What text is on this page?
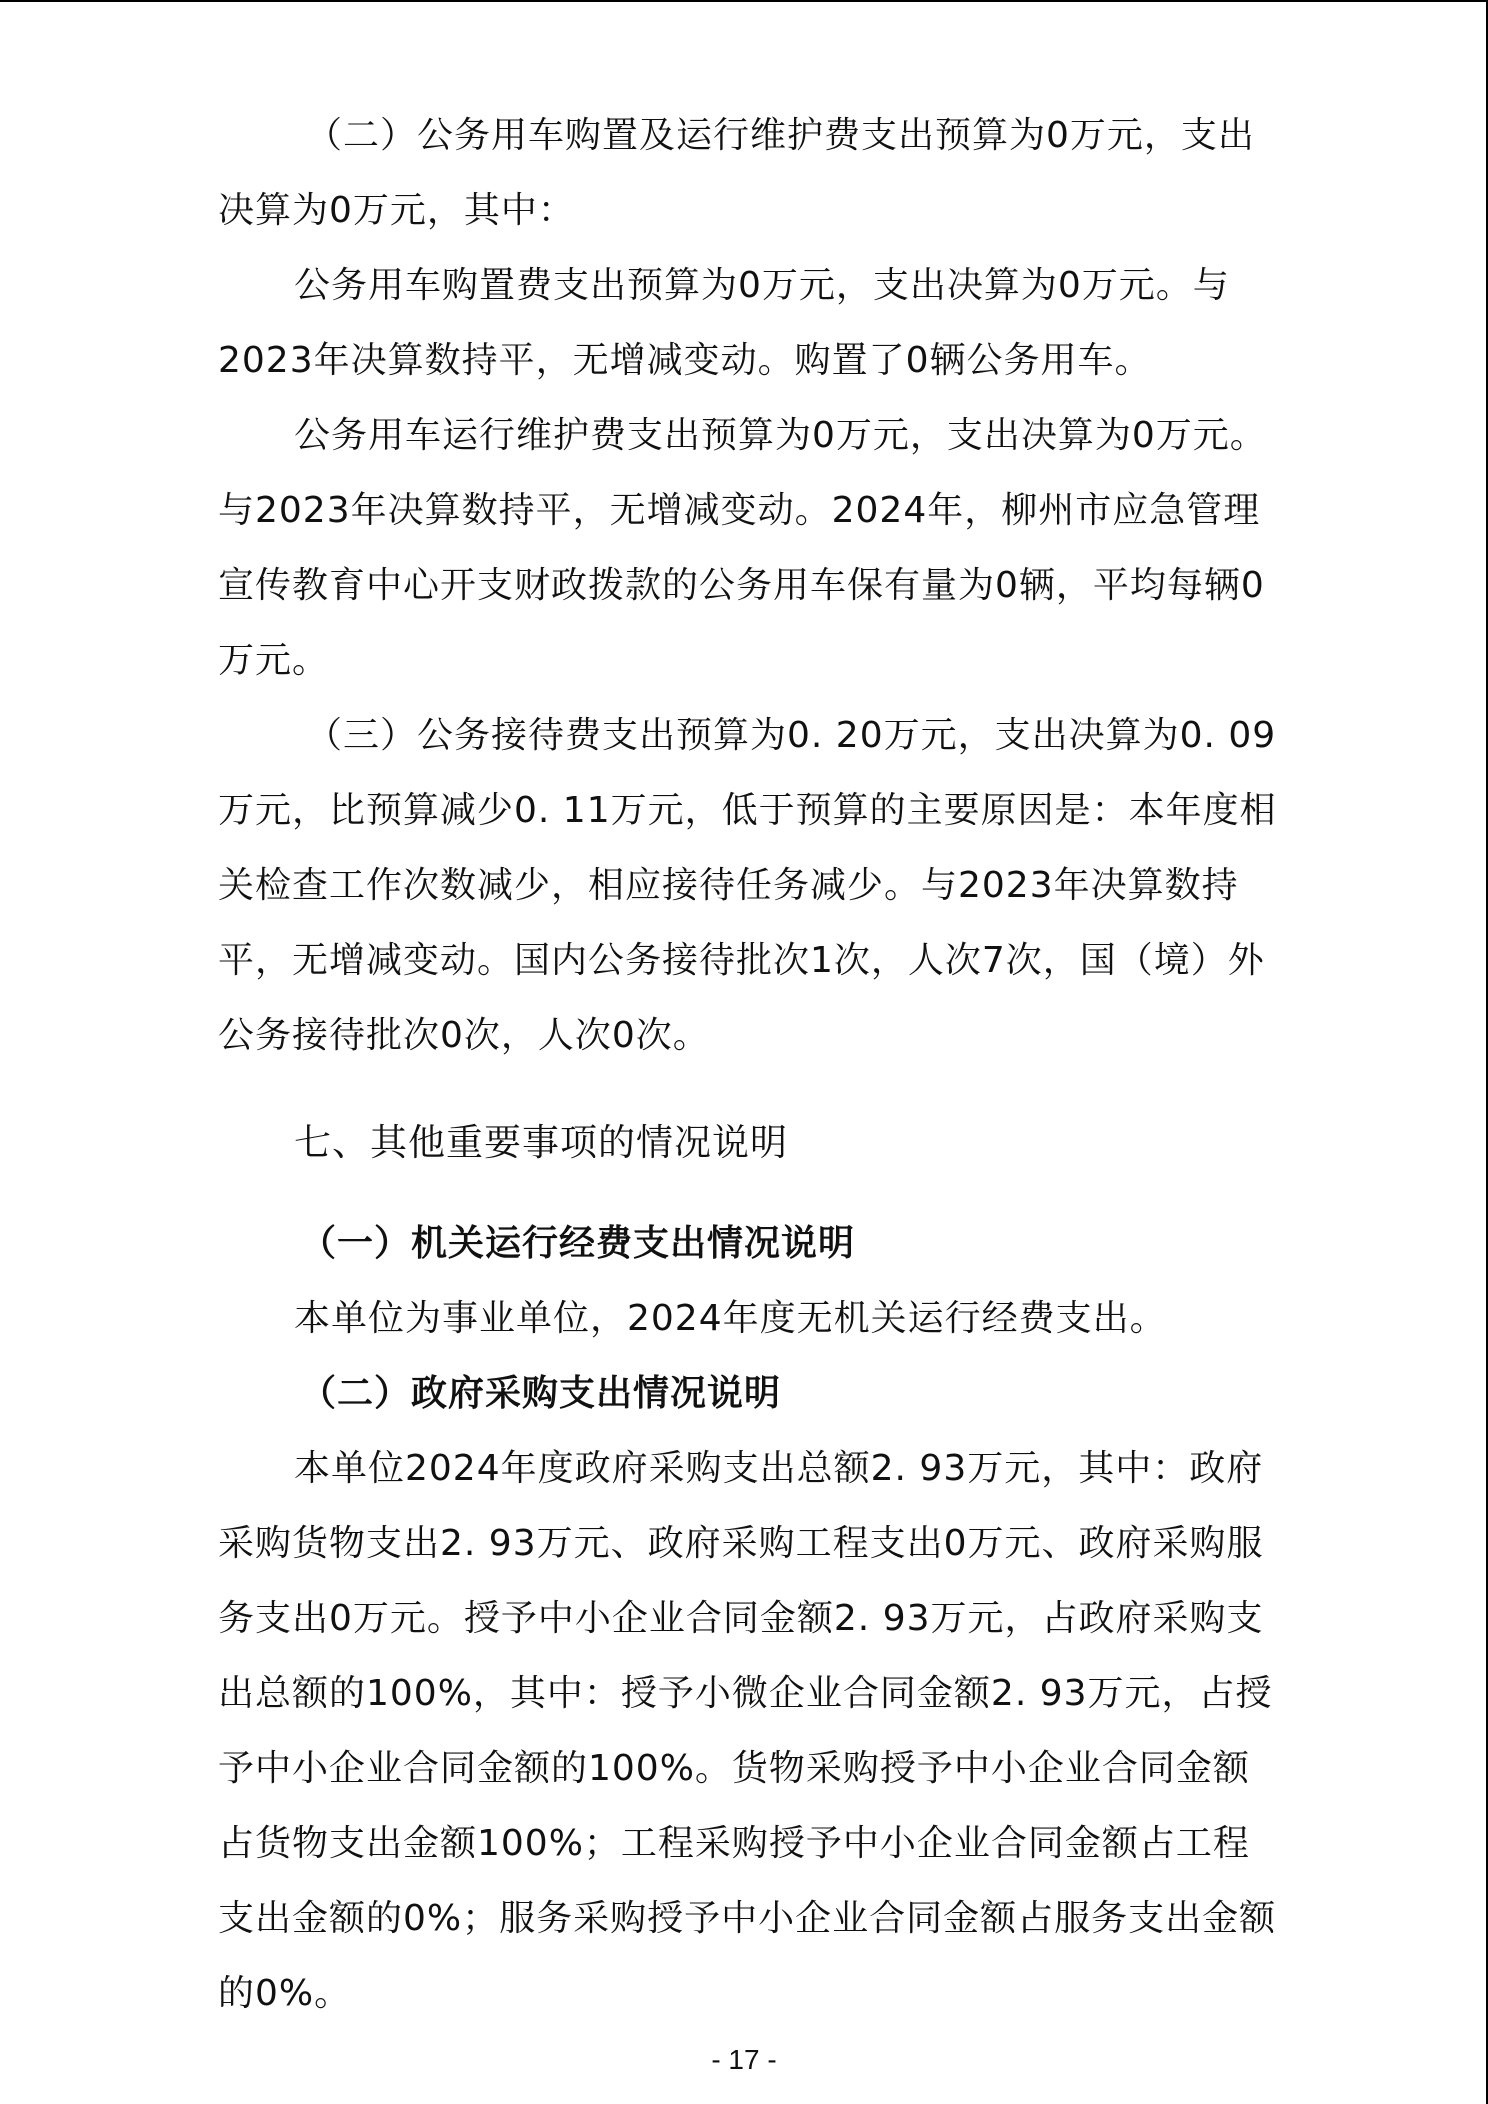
（二）公务用车购置及运行维护费支出预算为0万元，支出决算为0万元，其中：

公务用车购置费支出预算为0万元，支出决算为0万元。与2023年决算数持平，无增减变动。购置了0辆公务用车。

公务用车运行维护费支出预算为0万元，支出决算为0万元。与2023年决算数持平，无增减变动。2024年，柳州市应急管理宣传教育中心开支财政拨款的公务用车保有量为0辆，平均每辆0万元。

（三）公务接待费支出预算为0. 20万元，支出决算为0. 09万元，比预算减少0. 11万元，低于预算的主要原因是：本年度相关检查工作次数减少，相应接待任务减少。与2023年决算数持平，无增减变动。国内公务接待批次1次，人次7次，国（境）外公务接待批次0次，人次0次。

七、其他重要事项的情况说明
（一）机关运行经费支出情况说明

本单位为事业单位，2024年度无机关运行经费支出。

（二）政府采购支出情况说明

本单位2024年度政府采购支出总额2. 93万元，其中：政府采购货物支出2. 93万元、政府采购工程支出0万元、政府采购服务支出0万元。授予中小企业合同金额2. 93万元，占政府采购支出总额的100%，其中：授予小微企业合同金额2. 93万元，占授予中小企业合同金额的100%。货物采购授予中小企业合同金额占货物支出金额100%；工程采购授予中小企业合同金额占工程支出金额的0%；服务采购授予中小企业合同金额占服务支出金额的0%。

- 17 -
